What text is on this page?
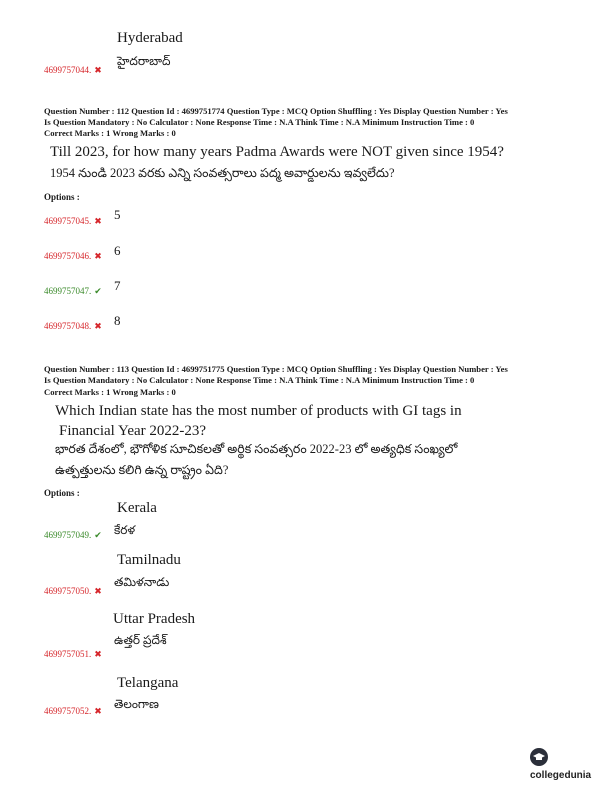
Hyderabad
4699757044. ✖
హైదరాబాద్
Question Number : 112 Question Id : 4699751774 Question Type : MCQ Option Shuffling : Yes Display Question Number : Yes
Is Question Mandatory : No Calculator : None Response Time : N.A Think Time : N.A Minimum Instruction Time : 0
Correct Marks : 1 Wrong Marks : 0
Till 2023, for how many years Padma Awards were NOT given since 1954?
1954 నుండి 2023 వరకు ఎన్ని సంవత్సరాలు పద్మ అవార్డులను ఇవ్వలేదు?
Options :
4699757045. ✖ 5
4699757046. ✖ 6
4699757047. ✔ 7
4699757048. ✖ 8
Question Number : 113 Question Id : 4699751775 Question Type : MCQ Option Shuffling : Yes Display Question Number : Yes
Is Question Mandatory : No Calculator : None Response Time : N.A Think Time : N.A Minimum Instruction Time : 0
Correct Marks : 1 Wrong Marks : 0
Which Indian state has the most number of products with GI tags in
Financial Year 2022-23?
భారత దేశంలో, భౌగోళిక సూచికలతో అర్థిక సంవత్సరం 2022-23 లో అత్యధిక సంఖ్యలో
ఉత్పత్తులను కలిగి ఉన్న రాష్ట్రం ఏది?
Options :
Kerala
4699757049. ✔ కేరళ
Tamilnadu
4699757050. ✖
తమిళనాడు
Uttar Pradesh
4699757051. ✖
ఉత్తర్ ప్రదేశ్
Telangana
4699757052. ✖ తెలంగాణ
collegedunia
